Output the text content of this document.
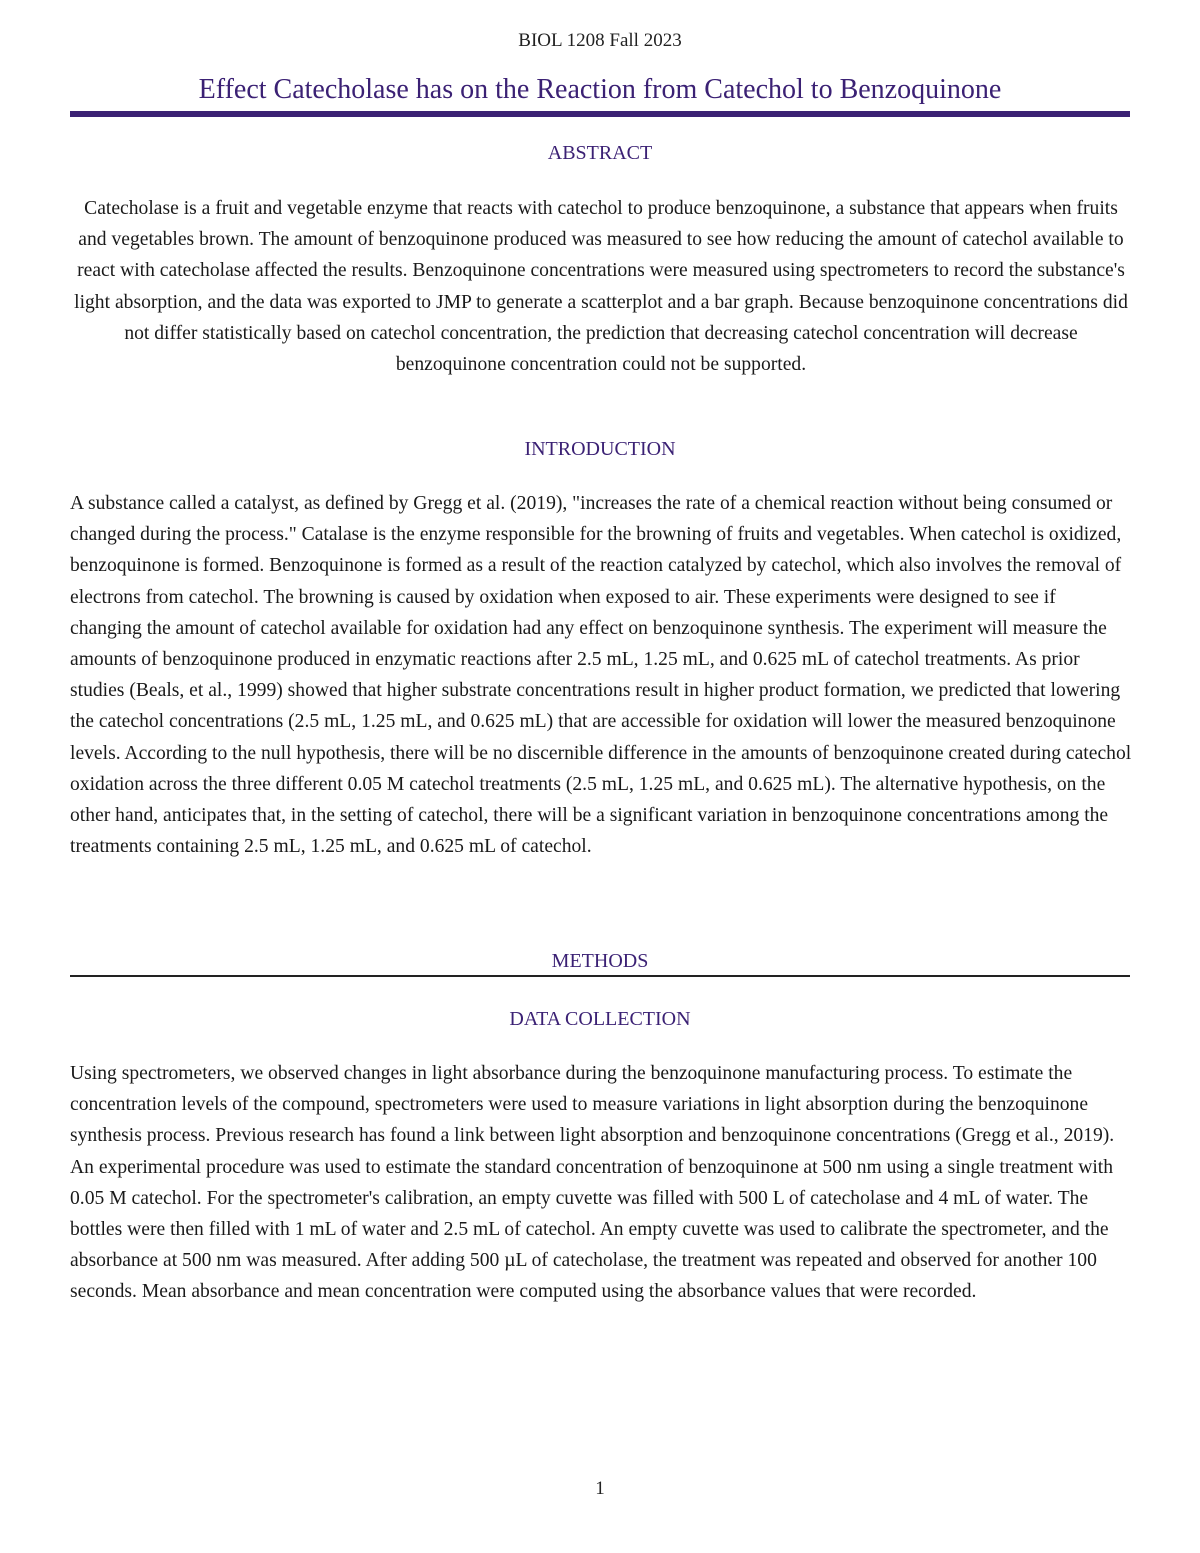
BIOL 1208 Fall 2023
Effect Catecholase has on the Reaction from Catechol to Benzoquinone
ABSTRACT
Catecholase is a fruit and vegetable enzyme that reacts with catechol to produce benzoquinone, a substance that appears when fruits and vegetables brown. The amount of benzoquinone produced was measured to see how reducing the amount of catechol available to react with catecholase affected the results. Benzoquinone concentrations were measured using spectrometers to record the substance's light absorption, and the data was exported to JMP to generate a scatterplot and a bar graph. Because benzoquinone concentrations did not differ statistically based on catechol concentration, the prediction that decreasing catechol concentration will decrease benzoquinone concentration could not be supported.
INTRODUCTION
A substance called a catalyst, as defined by Gregg et al. (2019), "increases the rate of a chemical reaction without being consumed or changed during the process." Catalase is the enzyme responsible for the browning of fruits and vegetables. When catechol is oxidized, benzoquinone is formed. Benzoquinone is formed as a result of the reaction catalyzed by catechol, which also involves the removal of electrons from catechol. The browning is caused by oxidation when exposed to air. These experiments were designed to see if changing the amount of catechol available for oxidation had any effect on benzoquinone synthesis. The experiment will measure the amounts of benzoquinone produced in enzymatic reactions after 2.5 mL, 1.25 mL, and 0.625 mL of catechol treatments. As prior studies (Beals, et al., 1999) showed that higher substrate concentrations result in higher product formation, we predicted that lowering the catechol concentrations (2.5 mL, 1.25 mL, and 0.625 mL) that are accessible for oxidation will lower the measured benzoquinone levels. According to the null hypothesis, there will be no discernible difference in the amounts of benzoquinone created during catechol oxidation across the three different 0.05 M catechol treatments (2.5 mL, 1.25 mL, and 0.625 mL). The alternative hypothesis, on the other hand, anticipates that, in the setting of catechol, there will be a significant variation in benzoquinone concentrations among the treatments containing 2.5 mL, 1.25 mL, and 0.625 mL of catechol.
METHODS
DATA COLLECTION
Using spectrometers, we observed changes in light absorbance during the benzoquinone manufacturing process. To estimate the concentration levels of the compound, spectrometers were used to measure variations in light absorption during the benzoquinone synthesis process. Previous research has found a link between light absorption and benzoquinone concentrations (Gregg et al., 2019). An experimental procedure was used to estimate the standard concentration of benzoquinone at 500 nm using a single treatment with 0.05 M catechol. For the spectrometer's calibration, an empty cuvette was filled with 500 L of catecholase and 4 mL of water. The bottles were then filled with 1 mL of water and 2.5 mL of catechol. An empty cuvette was used to calibrate the spectrometer, and the absorbance at 500 nm was measured. After adding 500 µL of catecholase, the treatment was repeated and observed for another 100 seconds. Mean absorbance and mean concentration were computed using the absorbance values that were recorded.
1
